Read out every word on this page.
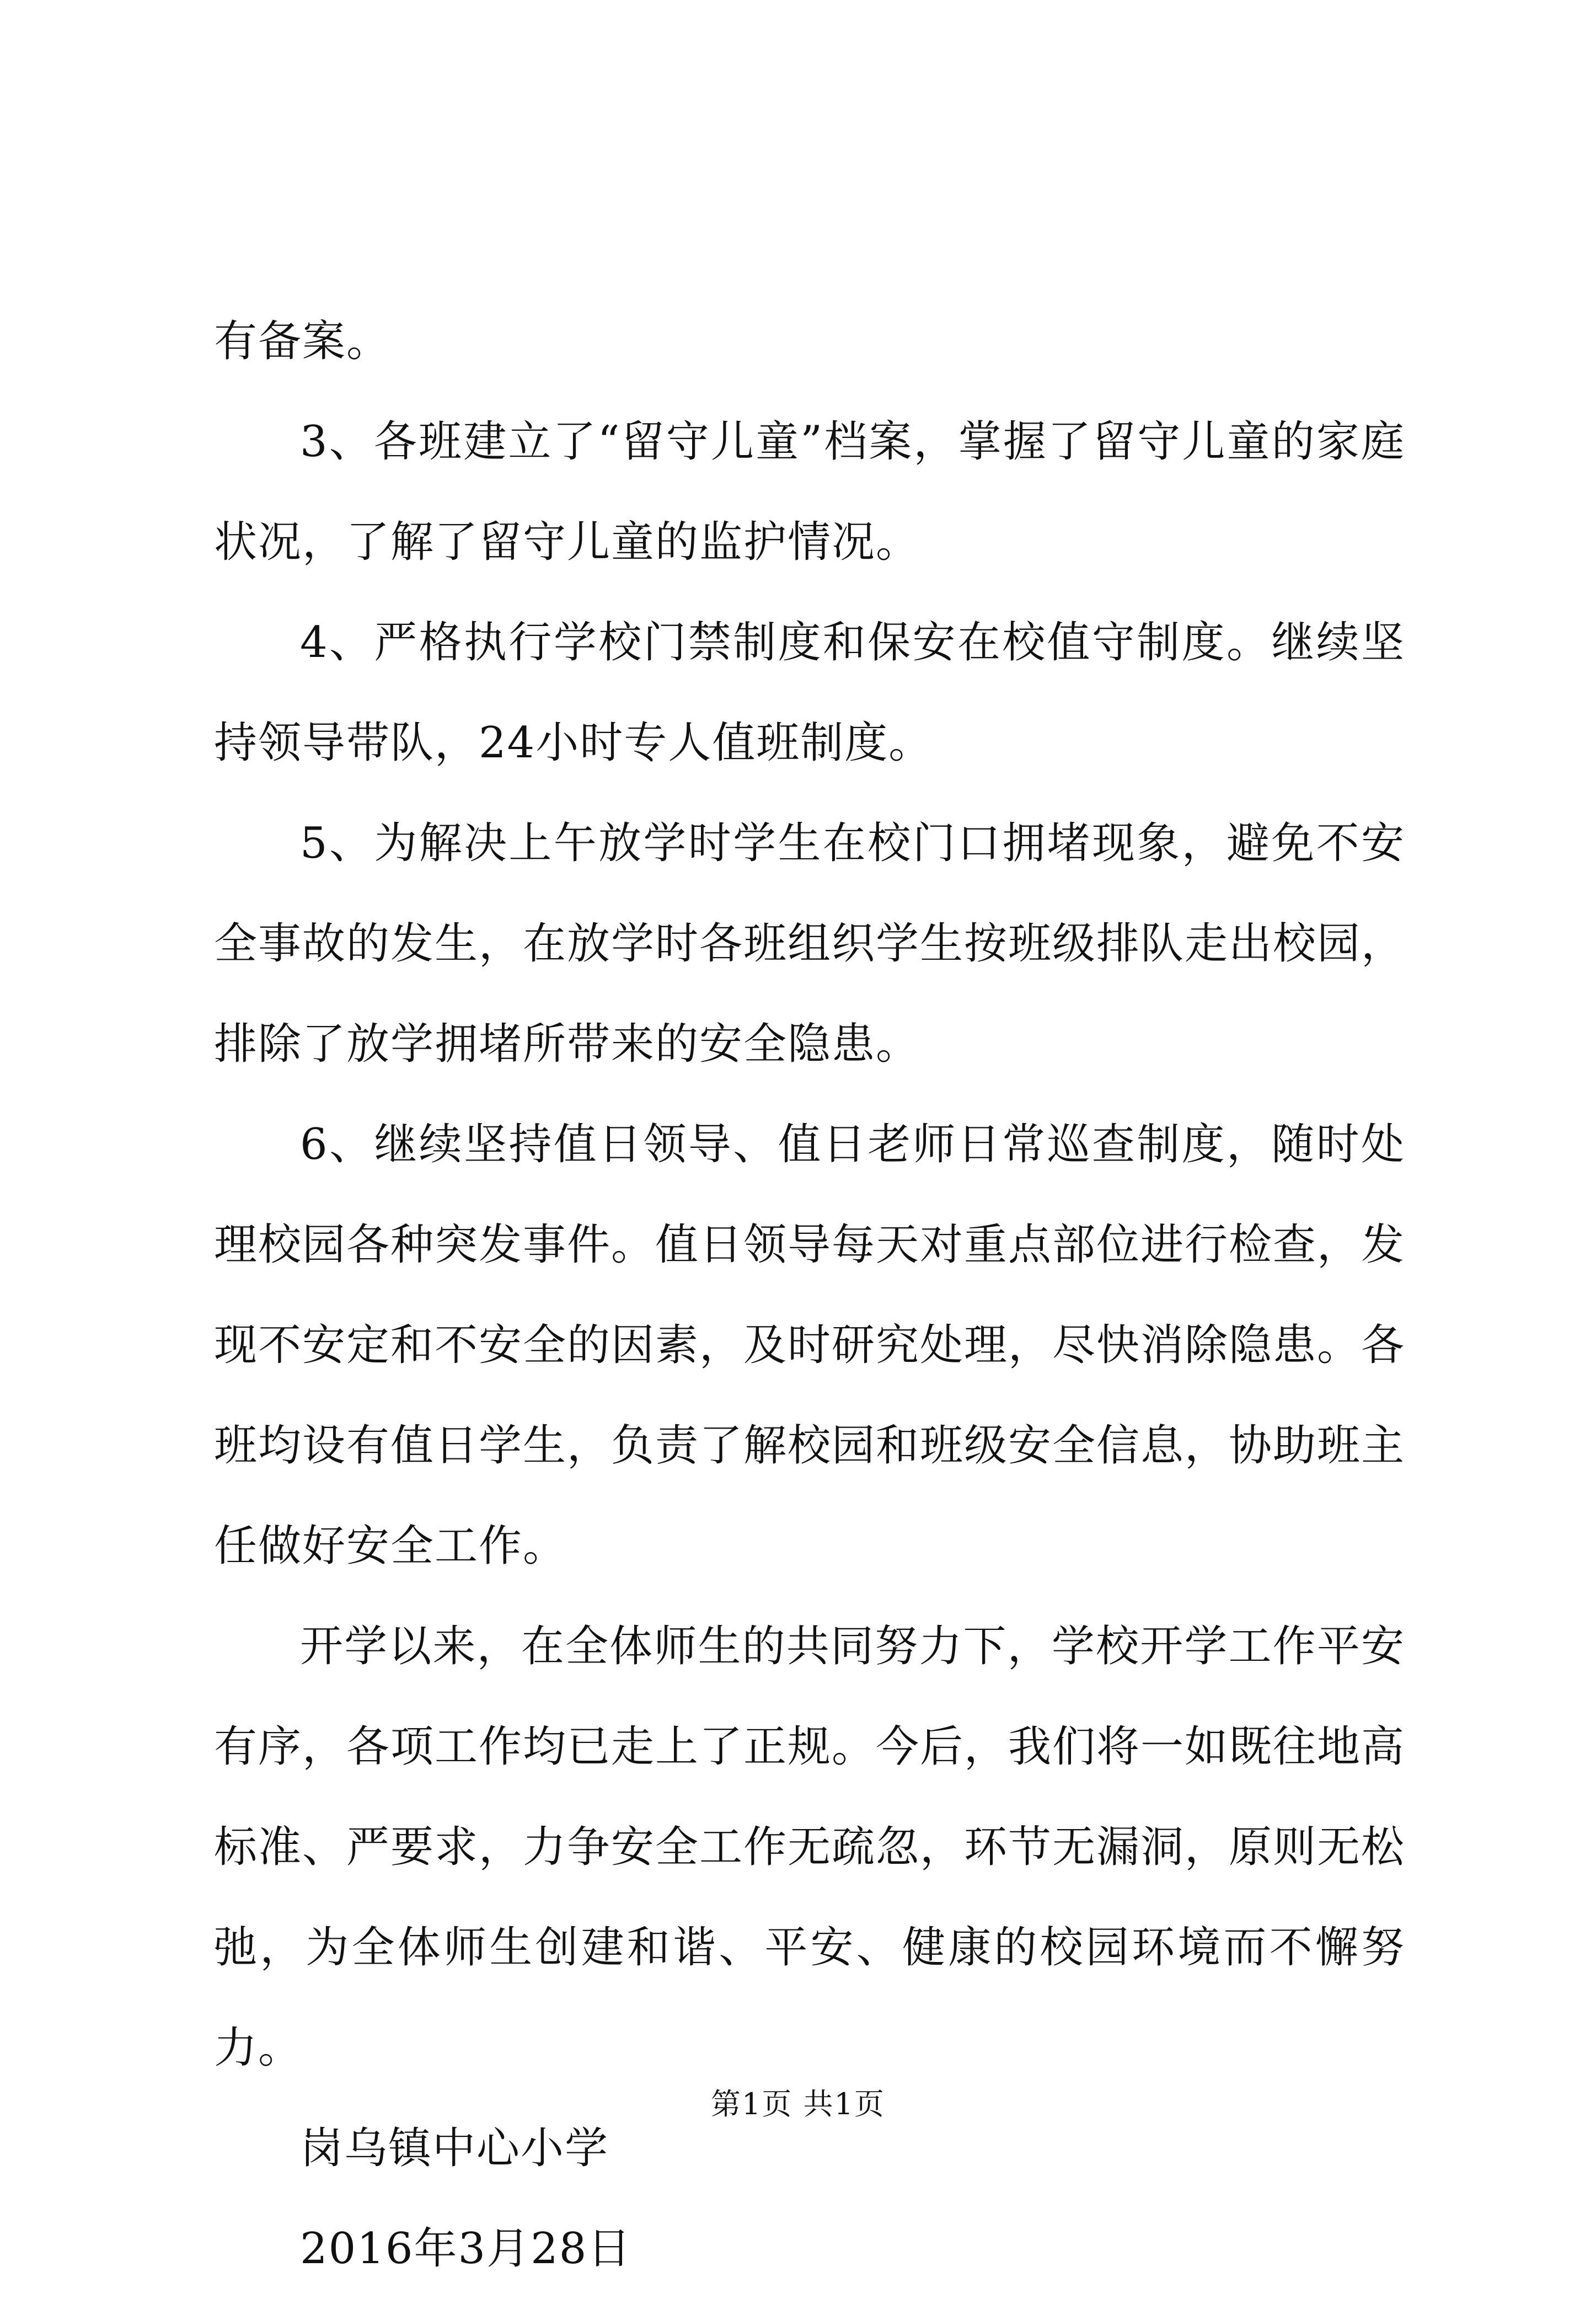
有备案。

3、各班建立了“留守儿童”档案，掌握了留守儿童的家庭状况，了解了留守儿童的监护情况。

4、严格执行学校门禁制度和保安在校值守制度。继续坚持领导带队，24小时专人值班制度。

5、为解决上午放学时学生在校门口拥堵现象，避免不安全事故的发生，在放学时各班组织学生按班级排队走出校园，排除了放学拥堵所带来的安全隐患。

6、继续坚持值日领导、值日老师日常巡查制度，随时处理校园各种突发事件。值日领导每天对重点部位进行检查，发现不安定和不安全的因素，及时研究处理，尽快消除隐患。各班均设有值日学生，负责了解校园和班级安全信息，协助班主任做好安全工作。

开学以来，在全体师生的共同努力下，学校开学工作平安有序，各项工作均已走上了正规。今后，我们将一如既往地高标准、严要求，力争安全工作无疏忽，环节无漏洞，原则无松弛，为全体师生创建和谐、平安、健康的校园环境而不懈努力。

岗乌镇中心小学

2016年3月28日

第1页 共1页
